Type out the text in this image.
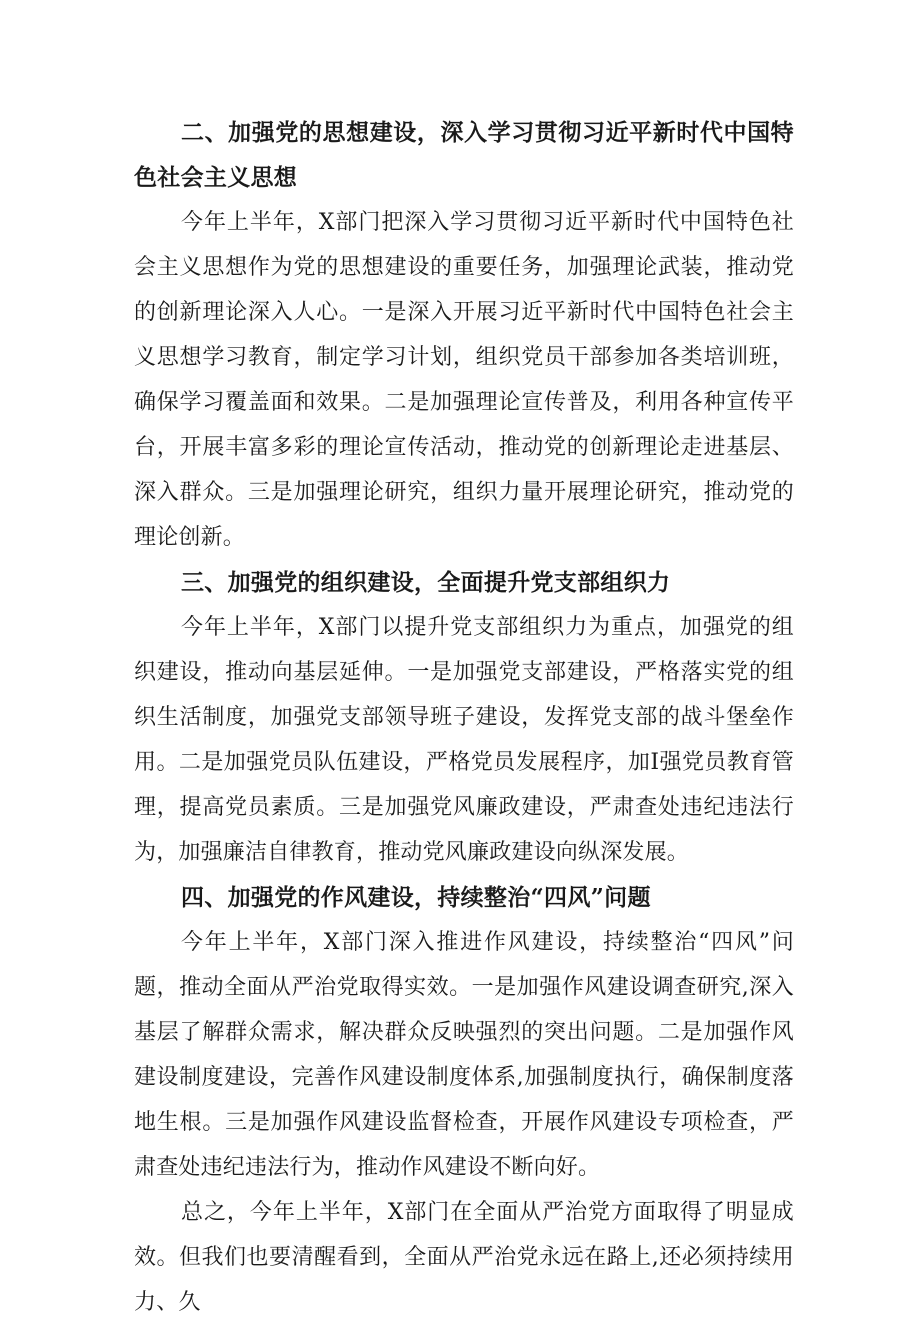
二、加强党的思想建设，深入学习贯彻习近平新时代中国特色社会主义思想

今年上半年，X部门把深入学习贯彻习近平新时代中国特色社会主义思想作为党的思想建设的重要任务，加强理论武装，推动党的创新理论深入人心。一是深入开展习近平新时代中国特色社会主义思想学习教育，制定学习计划，组织党员干部参加各类培训班，确保学习覆盖面和效果。二是加强理论宣传普及，利用各种宣传平台，开展丰富多彩的理论宣传活动，推动党的创新理论走进基层、深入群众。三是加强理论研究，组织力量开展理论研究，推动党的理论创新。

三、加强党的组织建设，全面提升党支部组织力

今年上半年，X部门以提升党支部组织力为重点，加强党的组织建设，推动向基层延伸。一是加强党支部建设，严格落实党的组织生活制度，加强党支部领导班子建设，发挥党支部的战斗堡垒作用。二是加强党员队伍建设，严格党员发展程序，加I强党员教育管理，提高党员素质。三是加强党风廉政建设，严肃查处违纪违法行为，加强廉洁自律教育，推动党风廉政建设向纵深发展。

四、加强党的作风建设，持续整治“四风”问题

今年上半年，X部门深入推进作风建设，持续整治“四风”问题，推动全面从严治党取得实效。一是加强作风建设调查研究,深入基层了解群众需求，解决群众反映强烈的突出问题。二是加强作风建设制度建设，完善作风建设制度体系,加强制度执行，确保制度落地生根。三是加强作风建设监督检查，开展作风建设专项检查，严肃查处违纪违法行为，推动作风建设不断向好。

总之，今年上半年，X部门在全面从严治党方面取得了明显成效。但我们也要清醒看到，全面从严治党永远在路上,还必须持续用力、久
